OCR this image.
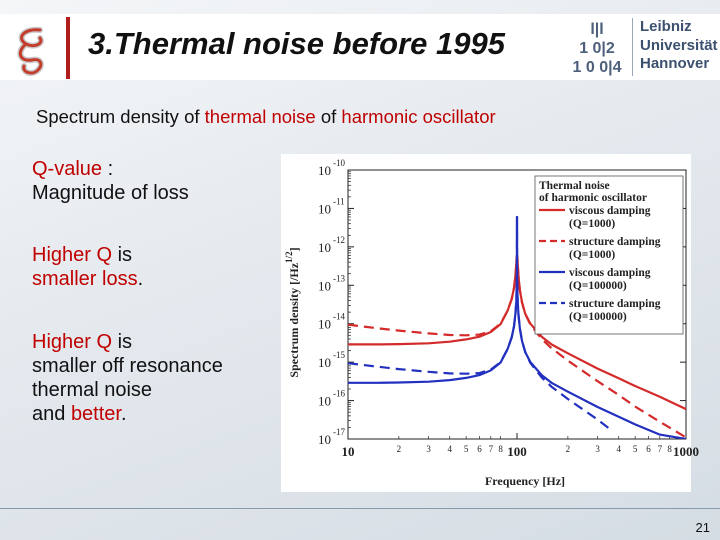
3.Thermal noise before 1995	l|l
1 0|2
1 0 0|4
Leibniz
Universität
Hannover
Spectrum density of thermal noise of harmonic oscillator
Q-value :
Magnitude of loss
Higher Q is
smaller loss.
Higher Q is
smaller off resonance
thermal noise
and better.
10 -10
10 -11
10 -12
10 -13
10 -14
10 -15
10 -16
10 -17
10	100	1000
2	3 4 5 6 7 8	2	3 4 5 6 7 8
Frequency [Hz]
Spectrum density $[/Hz^{1/2}]$
Thermal noise
of harmonic oscillator
viscous damping
(Q=1000)
structure damping
(Q=1000)
viscous damping
(Q=100000)
structure damping
(Q=100000)
21
